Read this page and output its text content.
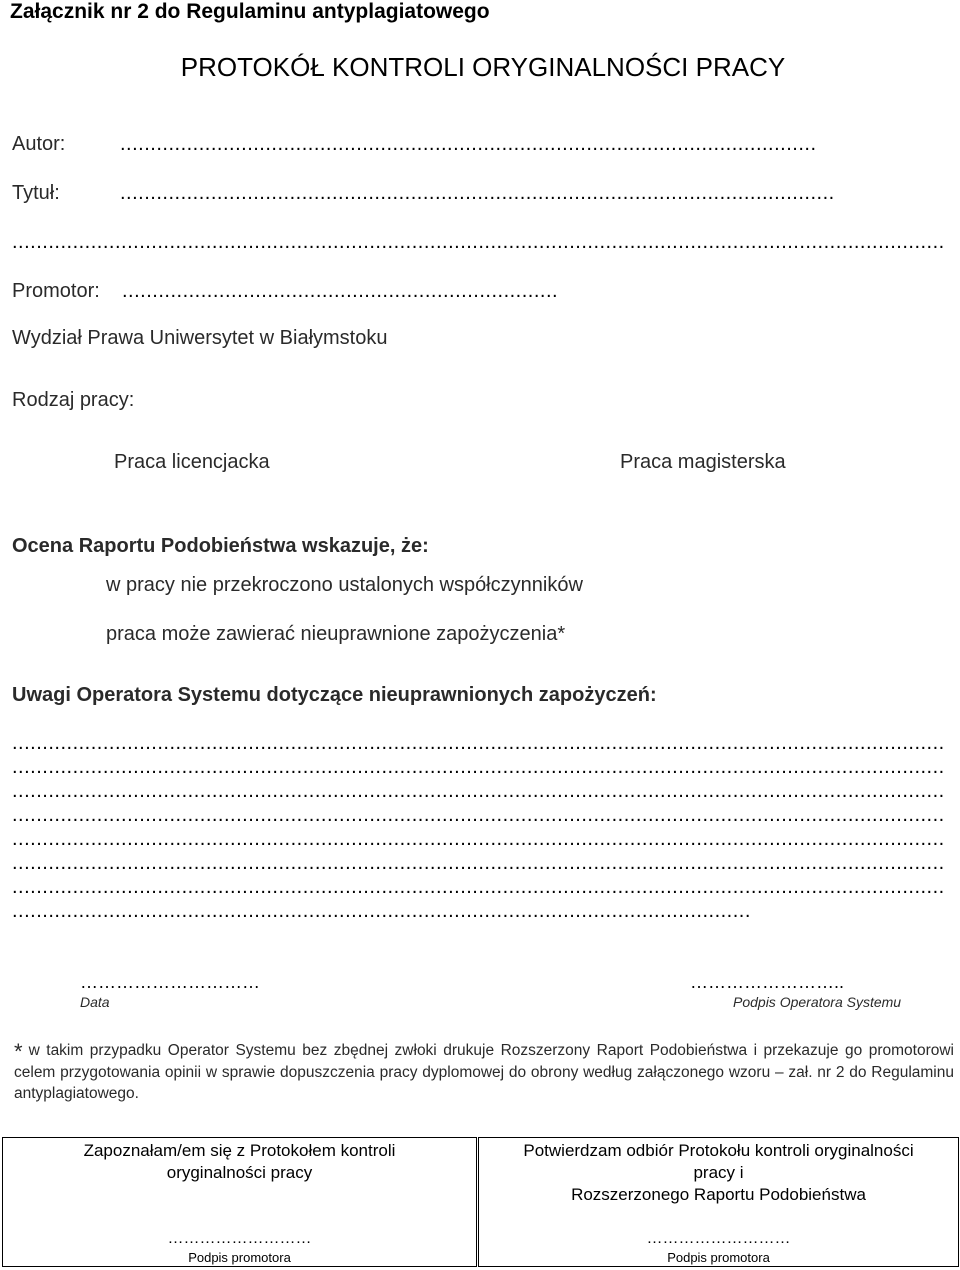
Załącznik nr 2 do Regulaminu antyplagiatowego
PROTOKÓŁ KONTROLI ORYGINALNOŚCI PRACY
Autor:	...................................................................................................................
Tytuł:	......................................................................................................................
..........................................................................................................................................................
Promotor: ........................................................................
Wydział Prawa Uniwersytet w Białymstoku
Rodzaj pracy:
Praca licencjacka	Praca magisterska
Ocena Raportu Podobieństwa wskazuje, że:
w pracy nie przekroczono ustalonych współczynników
praca może zawierać nieuprawnione zapożyczenia*
Uwagi Operatora Systemu dotyczące nieuprawnionych zapożyczeń:
..........................................................................................................................................................
..........................................................................................................................................................
..........................................................................................................................................................
..........................................................................................................................................................
..........................................................................................................................................................
..........................................................................................................................................................
..........................................................................................................................................................
..........................................................................................................................
…………………………
Data
……………………..
Podpis Operatora Systemu
* w takim przypadku Operator Systemu bez zbędnej zwłoki drukuje Rozszerzony Raport Podobieństwa i przekazuje go promotorowi celem przygotowania opinii w sprawie dopuszczenia pracy dyplomowej do obrony według załączonego wzoru – zał. nr 2 do Regulaminu antyplagiatowego.
Zapoznałam/em się z Protokołem kontroli
oryginalności pracy
………………………
Podpis promotora
Potwierdzam odbiór Protokołu kontroli oryginalności
pracy i
Rozszerzonego Raportu Podobieństwa
………………………
Podpis promotora
